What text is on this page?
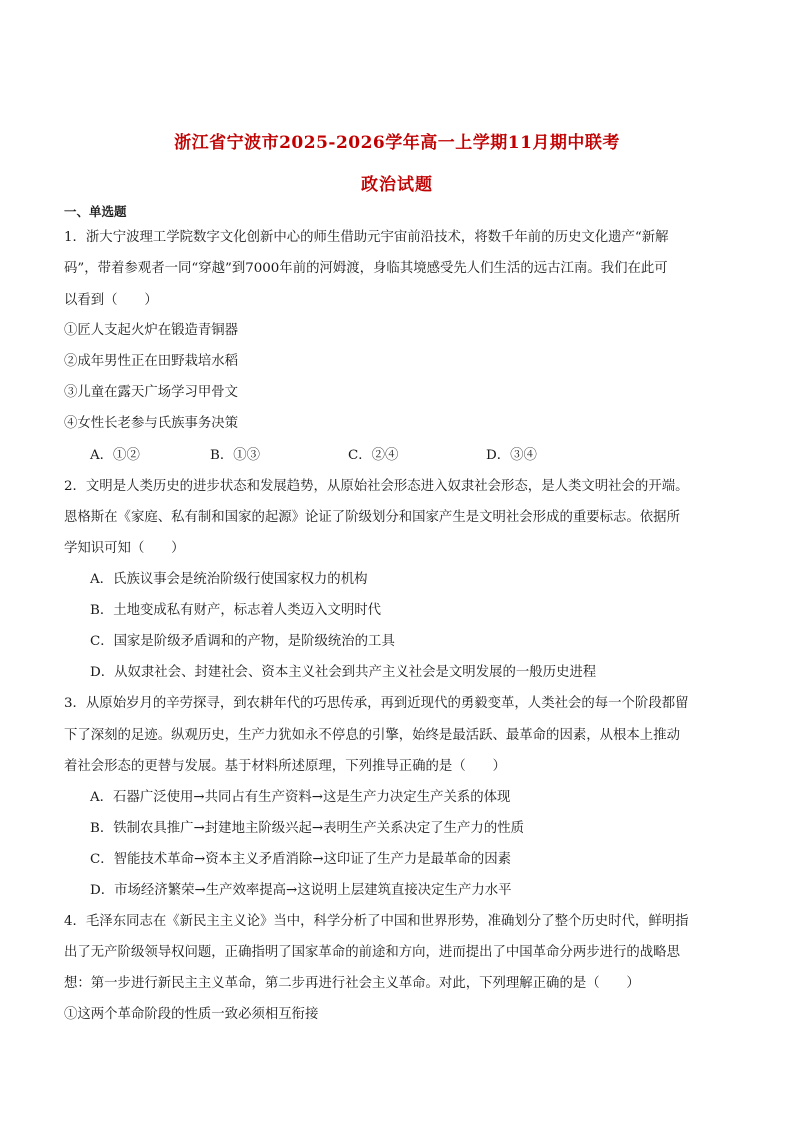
浙江省宁波市2025-2026学年高一上学期11月期中联考
政治试题
一、单选题
1．浙大宁波理工学院数字文化创新中心的师生借助元宇宙前沿技术，将数千年前的历史文化遗产“新解
码”，带着参观者一同“穿越”到7000年前的河姆渡，身临其境感受先人们生活的远古江南。我们在此可
以看到（　　）
①匠人支起火炉在锻造青铜器
②成年男性正在田野栽培水稻
③儿童在露天广场学习甲骨文
④女性长老参与氏族事务决策
A．①②	B．①③	C．②④	D．③④
2．文明是人类历史的进步状态和发展趋势，从原始社会形态进入奴隶社会形态，是人类文明社会的开端。
恩格斯在《家庭、私有制和国家的起源》论证了阶级划分和国家产生是文明社会形成的重要标志。依据所
学知识可知（　　）
A．氏族议事会是统治阶级行使国家权力的机构
B．土地变成私有财产，标志着人类迈入文明时代
C．国家是阶级矛盾调和的产物，是阶级统治的工具
D．从奴隶社会、封建社会、资本主义社会到共产主义社会是文明发展的一般历史进程
3．从原始岁月的辛劳探寻，到农耕年代的巧思传承，再到近现代的勇毅变革，人类社会的每一个阶段都留
下了深刻的足迹。纵观历史，生产力犹如永不停息的引擎，始终是最活跃、最革命的因素，从根本上推动
着社会形态的更替与发展。基于材料所述原理，下列推导正确的是（　　）
A．石器广泛使用→共同占有生产资料→这是生产力决定生产关系的体现
B．铁制农具推广→封建地主阶级兴起→表明生产关系决定了生产力的性质
C．智能技术革命→资本主义矛盾消除→这印证了生产力是最革命的因素
D．市场经济繁荣→生产效率提高→这说明上层建筑直接决定生产力水平
4．毛泽东同志在《新民主主义论》当中，科学分析了中国和世界形势，准确划分了整个历史时代，鲜明指
出了无产阶级领导权问题，正确指明了国家革命的前途和方向，进而提出了中国革命分两步进行的战略思
想：第一步进行新民主主义革命，第二步再进行社会主义革命。对此，下列理解正确的是（　　）
①这两个革命阶段的性质一致必须相互衔接
